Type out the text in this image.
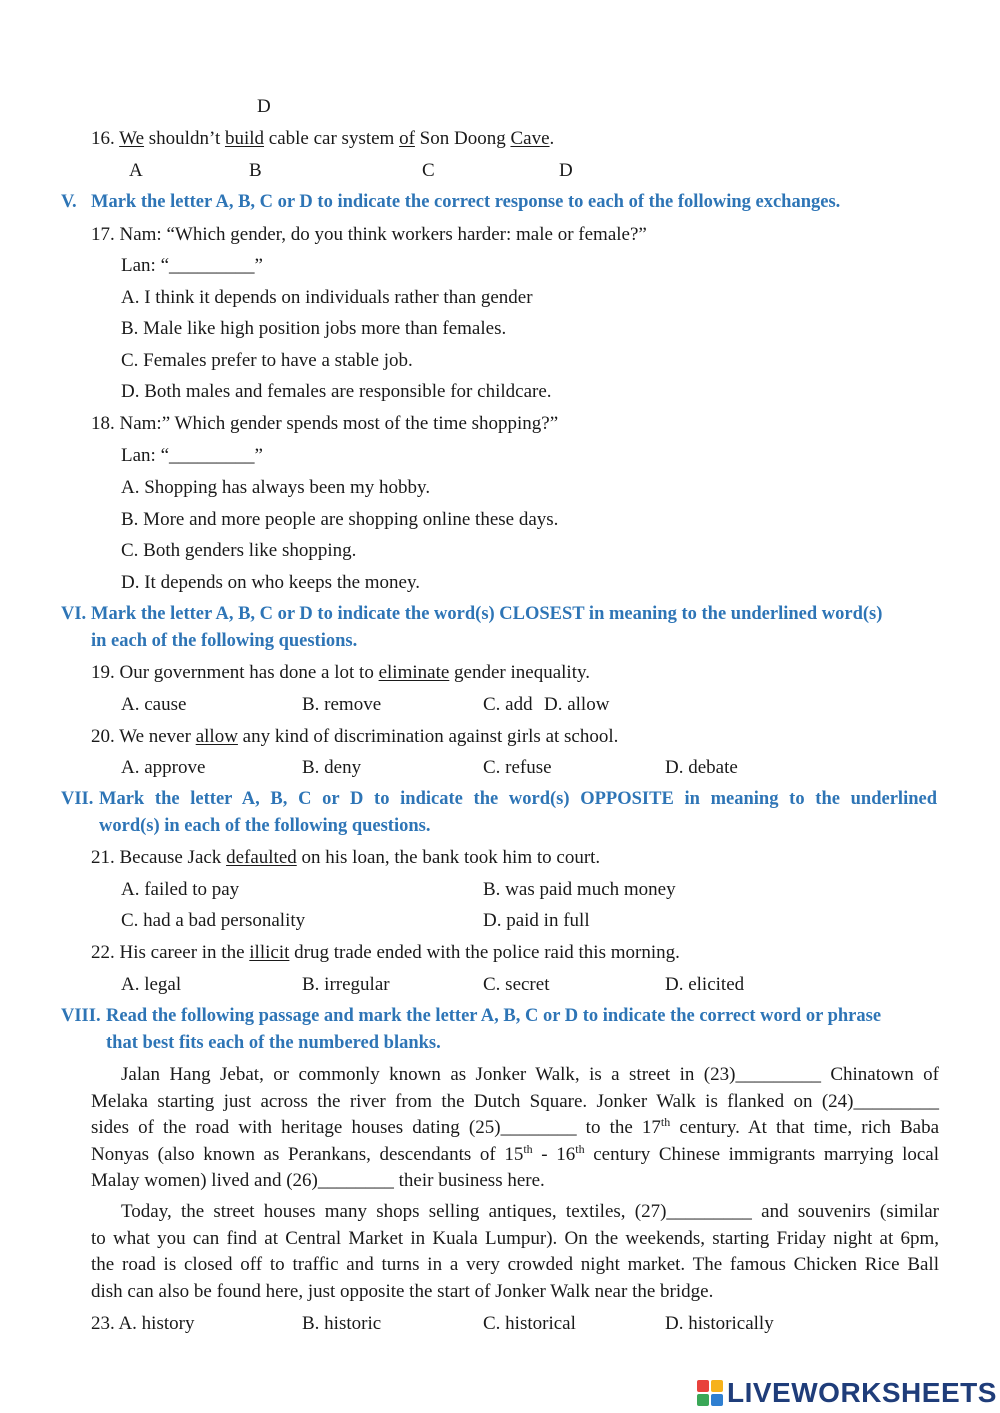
D
16. We shouldn’t build cable car system of Son Doong Cave.
A	B	C	D
V. Mark the letter A, B, C or D to indicate the correct response to each of the following exchanges.
17. Nam: “Which gender, do you think workers harder: male or female?”
Lan: “_________”
A. I think it depends on individuals rather than gender
B. Male like high position jobs more than females.
C. Females prefer to have a stable job.
D. Both males and females are responsible for childcare.
18. Nam:” Which gender spends most of the time shopping?”
Lan: “_________”
A. Shopping has always been my hobby.
B. More and more people are shopping online these days.
C. Both genders like shopping.
D. It depends on who keeps the money.
VI. Mark the letter A, B, C or D to indicate the word(s) CLOSEST in meaning to the underlined word(s)
in each of the following questions.
19. Our government has done a lot to eliminate gender inequality.
A. cause	B. remove	C. add D. allow
20. We never allow any kind of discrimination against girls at school.
A. approve	B. deny	C. refuse	D. debate
VII. Mark the letter A, B, C or D to indicate the word(s) OPPOSITE in meaning to the underlined
word(s) in each of the following questions.
21. Because Jack defaulted on his loan, the bank took him to court.
A. failed to pay	B. was paid much money
C. had a bad personality	D. paid in full
22. His career in the illicit drug trade ended with the police raid this morning.
A. legal	B. irregular	C. secret	D. elicited
VIII. Read the following passage and mark the letter A, B, C or D to indicate the correct word or phrase
that best fits each of the numbered blanks.
Jalan Hang Jebat, or commonly known as Jonker Walk, is a street in (23)_________ Chinatown of
Melaka starting just across the river from the Dutch Square. Jonker Walk is flanked on (24)_________
sides of the road with heritage houses dating (25)________ to the 17th century. At that time, rich Baba
Nonyas (also known as Perankans, descendants of 15th - 16th century Chinese immigrants marrying local
Malay women) lived and (26)________ their business here.
Today, the street houses many shops selling antiques, textiles, (27)_________ and souvenirs (similar
to what you can find at Central Market in Kuala Lumpur). On the weekends, starting Friday night at 6pm,
the road is closed off to traffic and turns in a very crowded night market. The famous Chicken Rice Ball
dish can also be found here, just opposite the start of Jonker Walk near the bridge.
23. A. history	B. historic	C. historical	D. historically
LIVEWORKSHEETS
